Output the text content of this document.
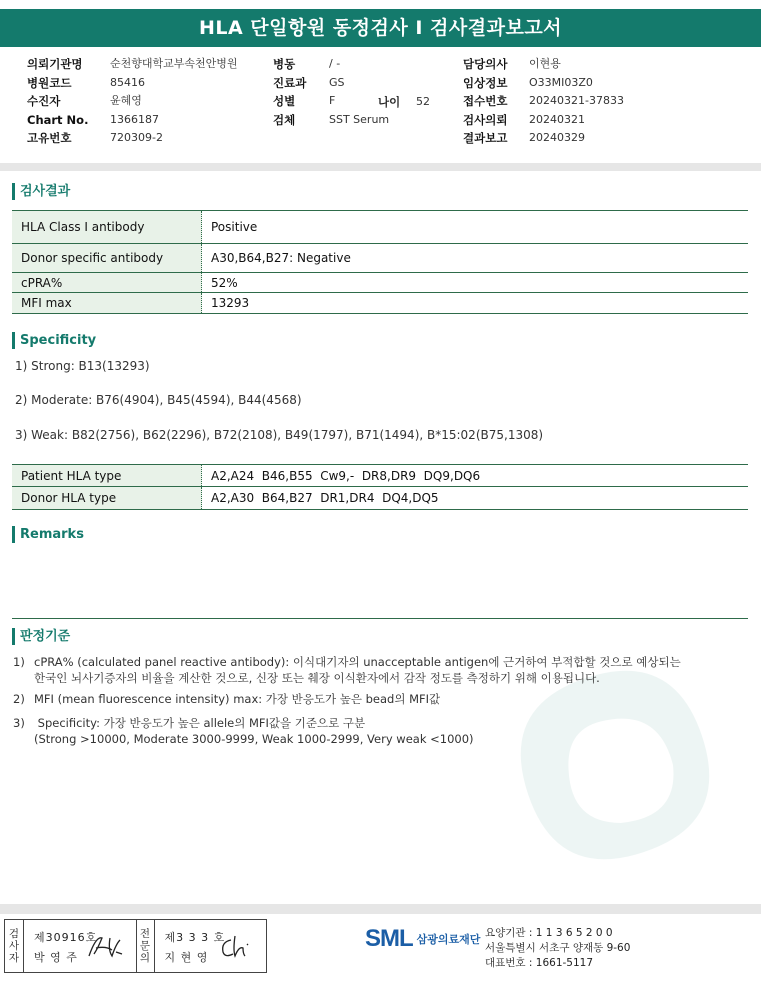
HLA 단일항원 동정검사 I 검사결과보고서
의뢰기관명	순천향대학교부속천안병원
병원코드	85416
수진자	윤혜영
Chart No.	1366187
고유번호	720309-2
병동	/ -
진료과	GS
성별	F
검체	SST Serum
나이 52
담당의사	이현용
임상정보	O33MI03Z0
접수번호	20240321-37833
검사의뢰	20240321
결과보고	20240329
검사결과
HLA Class I antibody	Positive
Donor specific antibody	A30,B64,B27: Negative
cPRA%	52%
MFI max	13293
Specificity
1) Strong: B13(13293)
2) Moderate: B76(4904), B45(4594), B44(4568)
3) Weak: B82(2756), B62(2296), B72(2108), B49(1797), B71(1494), B*15:02(B75,1308)
Patient HLA type	A2,A24  B46,B55  Cw9,-  DR8,DR9  DQ9,DQ6
Donor HLA type	A2,A30  B64,B27  DR1,DR4  DQ4,DQ5
Remarks
판정기준
1) cPRA% (calculated panel reactive antibody): 이식대기자의 unacceptable antigen에 근거하여 부적합할 것으로 예상되는
한국인 뇌사기증자의 비율을 계산한 것으로, 신장 또는 췌장 이식환자에서 감작 정도를 측정하기 위해 이용됩니다.
2) MFI (mean fluorescence intensity) max: 가장 반응도가 높은 bead의 MFI값
3) Specificity: 가장 반응도가 높은 allele의 MFI값을 기준으로 구분
(Strong >10000, Moderate 3000-9999, Weak 1000-2999, Very weak <1000)
검
사
자
제30916호
박 영 주
전
문
의
제3 3 3 호
지 현 영
SML 삼광의료재단 요양기관 : 1 1 3 6 5 2 0 0
서울특별시 서초구 양재동 9-60
대표번호 : 1661-5117
